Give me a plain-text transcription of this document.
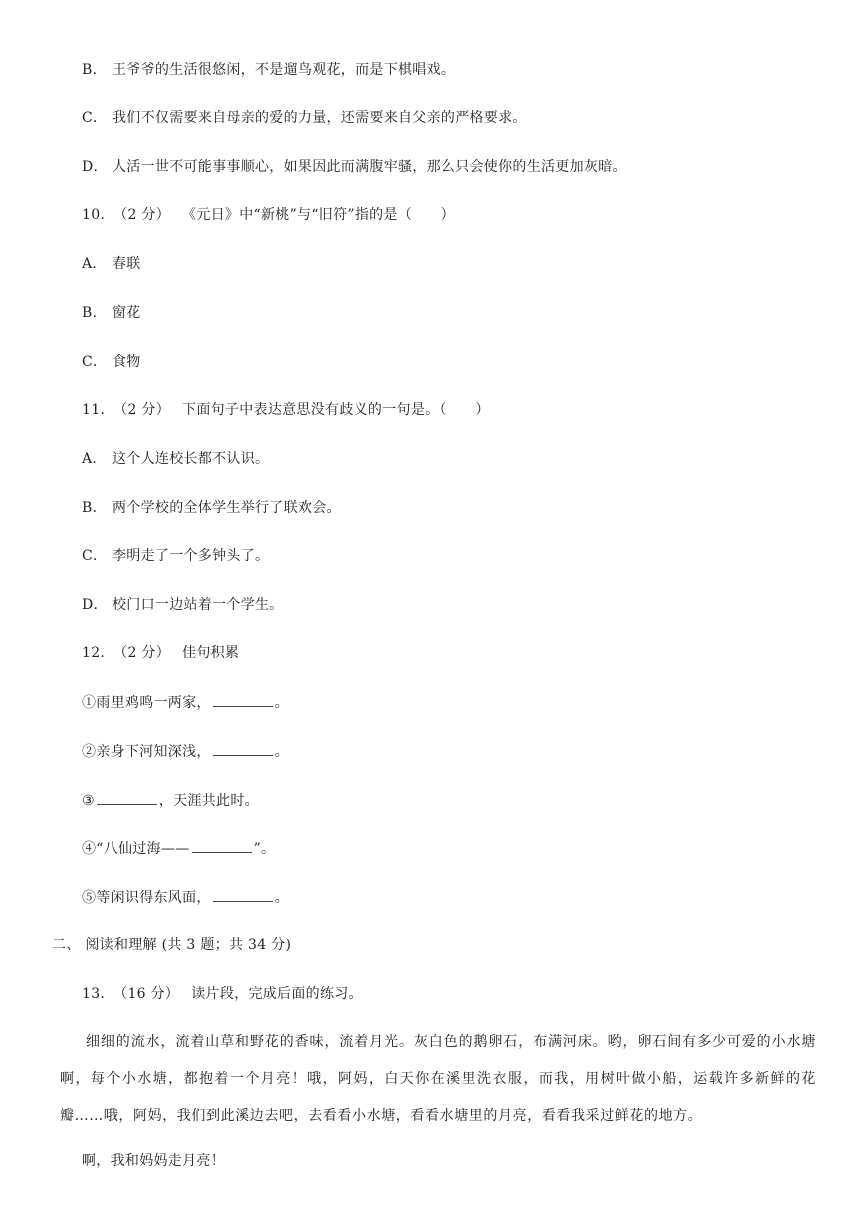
B． 王爷爷的生活很悠闲，不是遛鸟观花，而是下棋唱戏。
C． 我们不仅需要来自母亲的爱的力量，还需要来自父亲的严格要求。
D． 人活一世不可能事事顺心，如果因此而满腹牢骚，那么只会使你的生活更加灰暗。
10. （2 分） 《元日》中“新桃”与“旧符”指的是（　　）
A． 春联
B． 窗花
C． 食物
11. （2 分） 下面句子中表达意思没有歧义的一句是。（　　）
A． 这个人连校长都不认识。
B． 两个学校的全体学生举行了联欢会。
C． 李明走了一个多钟头了。
D． 校门口一边站着一个学生。
12. （2 分） 佳句积累
①雨里鸡鸣一两家，	。
②亲身下河知深浅，	。
③	，天涯共此时。
④“八仙过海——	”。
⑤等闲识得东风面，	。
二、 阅读和理解 (共 3 题；共 34 分)
13. （16 分） 读片段，完成后面的练习。
细细的流水，流着山草和野花的香味，流着月光。灰白色的鹅卵石，布满河床。哟，卵石间有多少可爱的小水塘啊，每个小水塘，都抱着一个月亮！哦，阿妈，白天你在溪里洗衣服，而我，用树叶做小船，运载许多新鲜的花瓣……哦，阿妈，我们到此溪边去吧，去看看小水塘，看看水塘里的月亮，看看我采过鲜花的地方。
啊，我和妈妈走月亮！
